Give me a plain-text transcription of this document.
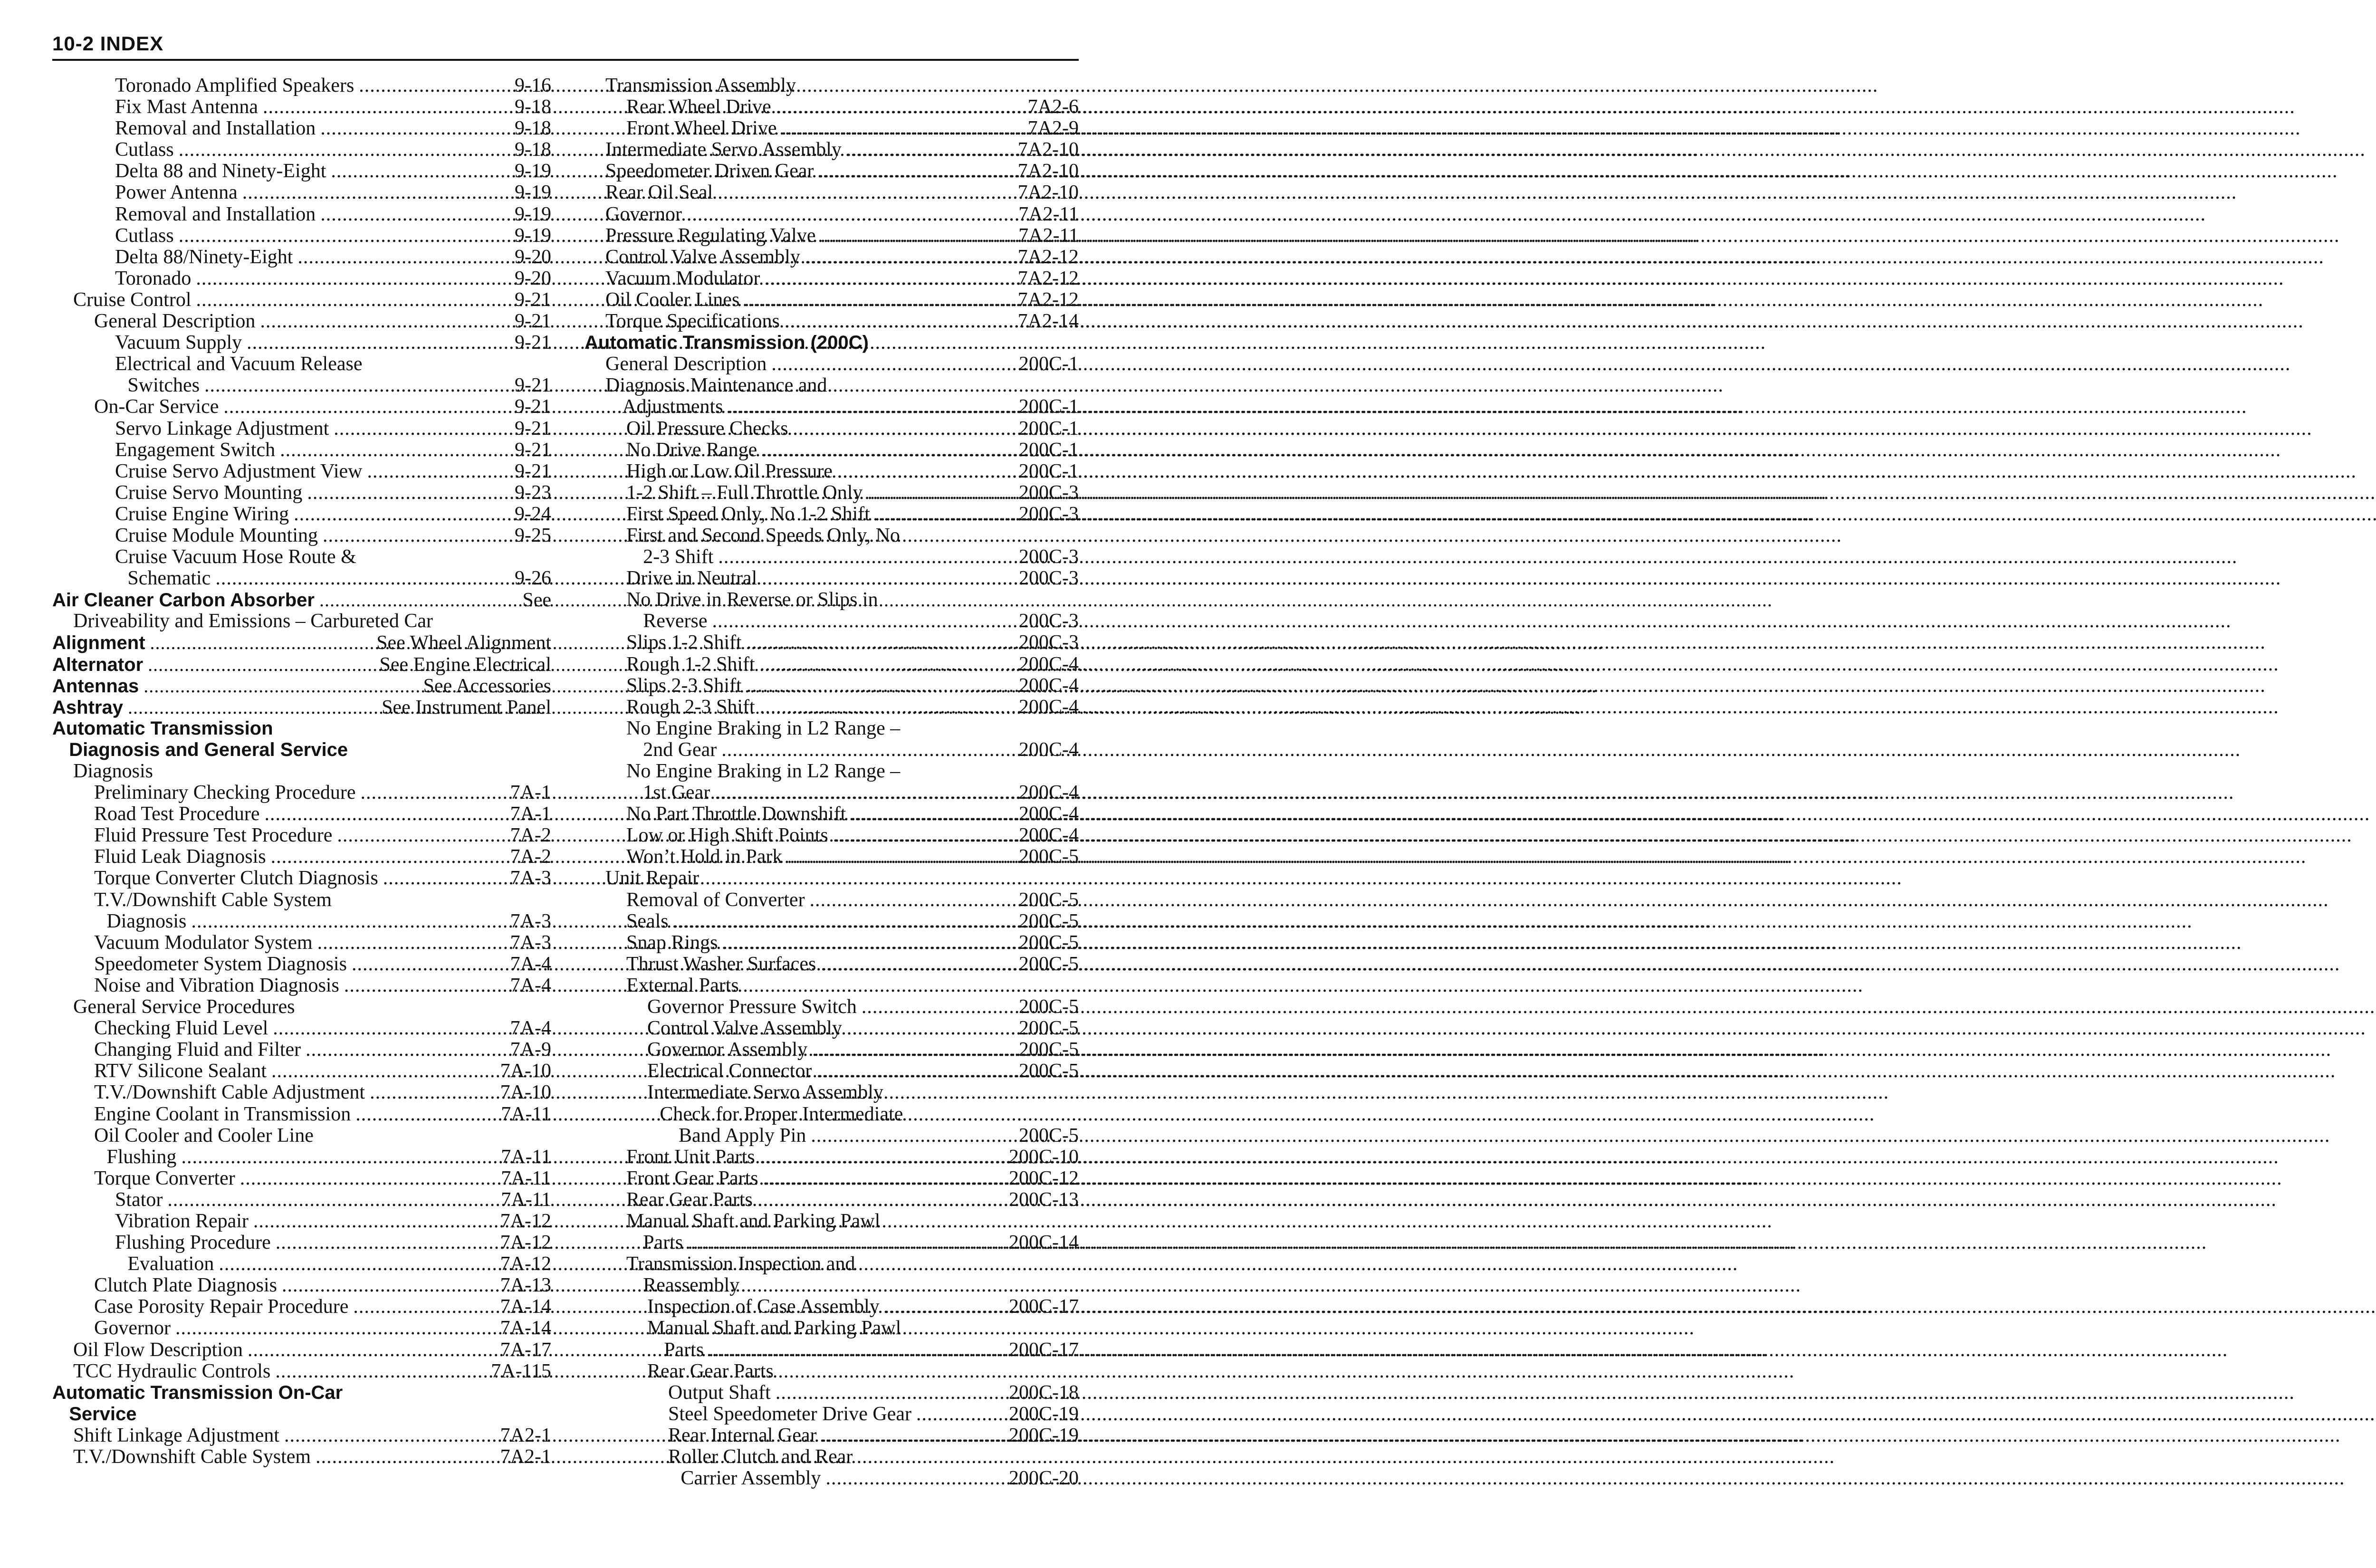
10-2 INDEX
Toronado Amplified Speakers .....	9-16
Fix Mast Antenna .....	9-18
Removal and Installation .....	9-18
Cutlass .....	9-18
Delta 88 and Ninety-Eight .....	9-19
Power Antenna .....	9-19
Removal and Installation .....	9-19
Cutlass .....	9-19
Delta 88/Ninety-Eight .....	9-20
Toronado .....	9-20
Cruise Control .....	9-21
General Description .....	9-21
Vacuum Supply .....	9-21
Electrical and Vacuum Release
Switches .....	9-21
On-Car Service .....	9-21
Servo Linkage Adjustment .....	9-21
Engagement Switch .....	9-21
Cruise Servo Adjustment View .....	9-21
Cruise Servo Mounting .....	9-23
Cruise Engine Wiring .....	9-24
Cruise Module Mounting .....	9-25
Cruise Vacuum Hose Route &
Schematic .....	9-26
Air Cleaner Carbon Absorber .....	See
Driveability and Emissions – Carbureted Car
Alignment .....	See Wheel Alignment
Alternator .....	See Engine Electrical
Antennas .....	See Accessories
Ashtray .....	See Instrument Panel
Automatic Transmission
Diagnosis and General Service
Diagnosis
Preliminary Checking Procedure .....	7A-1
Road Test Procedure .....	7A-1
Fluid Pressure Test Procedure .....	7A-2
Fluid Leak Diagnosis .....	7A-2
Torque Converter Clutch Diagnosis .....	7A-3
T.V./Downshift Cable System
Diagnosis .....	7A-3
Vacuum Modulator System .....	7A-3
Speedometer System Diagnosis .....	7A-4
Noise and Vibration Diagnosis .....	7A-4
General Service Procedures
Checking Fluid Level .....	7A-4
Changing Fluid and Filter .....	7A-9
RTV Silicone Sealant .....	7A-10
T.V./Downshift Cable Adjustment .....	7A-10
Engine Coolant in Transmission .....	7A-11
Oil Cooler and Cooler Line
Flushing .....	7A-11
Torque Converter .....	7A-11
Stator .....	7A-11
Vibration Repair .....	7A-12
Flushing Procedure .....	7A-12
Evaluation .....	7A-12
Clutch Plate Diagnosis .....	7A-13
Case Porosity Repair Procedure .....	7A-14
Governor .....	7A-14
Oil Flow Description .....	7A-17
TCC Hydraulic Controls .....	7A-115
Automatic Transmission On-Car
Service
Shift Linkage Adjustment .....	7A2-1
T.V./Downshift Cable System .....	7A2-1
Transmission Assembly
Rear Wheel Drive .....	7A2-6
Front Wheel Drive .....	7A2-9
Intermediate Servo Assembly .....	7A2-10
Speedometer Driven Gear .....	7A2-10
Rear Oil Seal .....	7A2-10
Governor .....	7A2-11
Pressure Regulating Valve .....	7A2-11
Control Valve Assembly .....	7A2-12
Vacuum Modulator .....	7A2-12
Oil Cooler Lines .....	7A2-12
Torque Specifications .....	7A2-14
Automatic Transmission (200C)
General Description .....	200C-1
Diagnosis Maintenance and
Adjustments .....	200C-1
Oil Pressure Checks .....	200C-1
No Drive Range .....	200C-1
High or Low Oil Pressure .....	200C-1
1-2 Shift – Full Throttle Only .....	200C-3
First Speed Only, No 1-2 Shift .....	200C-3
First and Second Speeds Only, No
2-3 Shift .....	200C-3
Drive in Neutral .....	200C-3
No Drive in Reverse or Slips in
Reverse .....	200C-3
Slips 1-2 Shift .....	200C-3
Rough 1-2 Shift .....	200C-4
Slips 2-3 Shift .....	200C-4
Rough 2-3 Shift .....	200C-4
No Engine Braking in L2 Range –
2nd Gear .....	200C-4
No Engine Braking in L2 Range –
1st Gear .....	200C-4
No Part Throttle Downshift .....	200C-4
Low or High Shift Points .....	200C-4
Won’t Hold in Park .....	200C-5
Unit Repair
Removal of Converter .....	200C-5
Seals .....	200C-5
Snap Rings .....	200C-5
Thrust Washer Surfaces .....	200C-5
External Parts
Governor Pressure Switch .....	200C-5
Control Valve Assembly .....	200C-5
Governor Assembly .....	200C-5
Electrical Connector .....	200C-5
Intermediate Servo Assembly
Check for Proper Intermediate
Band Apply Pin .....	200C-5
Front Unit Parts .....	200C-10
Front Gear Parts .....	200C-12
Rear Gear Parts .....	200C-13
Manual Shaft and Parking Pawl
Parts .....	200C-14
Transmission Inspection and
Reassembly
Inspection of Case Assembly .....	200C-17
Manual Shaft and Parking Pawl
Parts .....	200C-17
Rear Gear Parts
Output Shaft .....	200C-18
Steel Speedometer Drive Gear .....	200C-19
Rear Internal Gear .....	200C-19
Roller Clutch and Rear
Carrier Assembly .....	200C-20
